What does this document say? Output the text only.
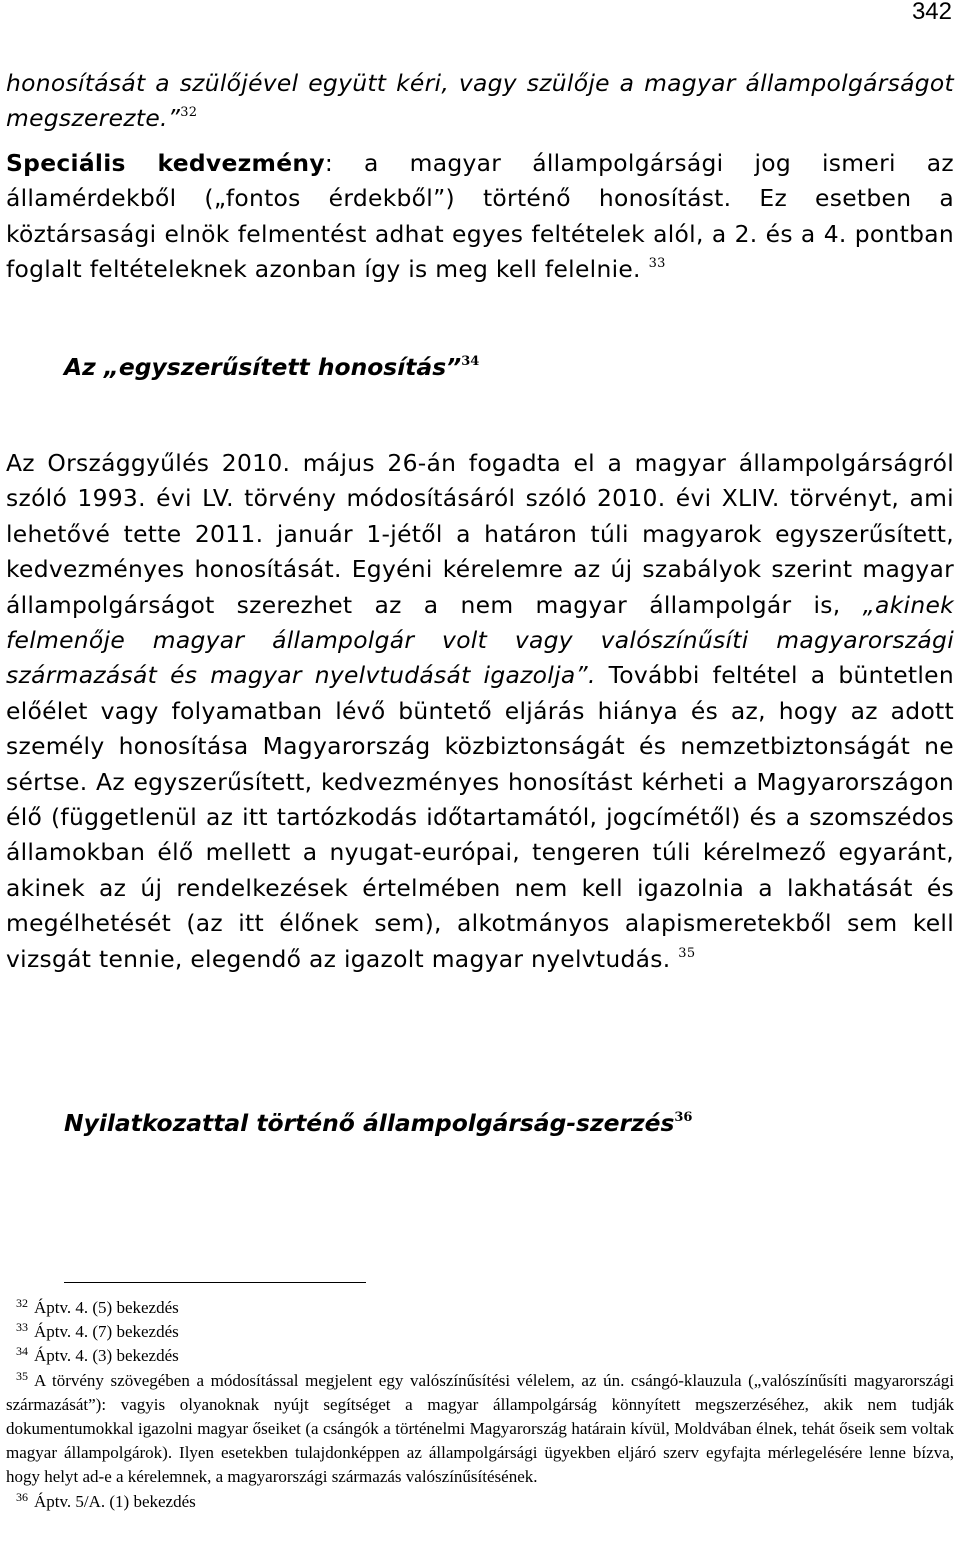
342
honosítását a szülőjével együtt kéri, vagy szülője a magyar állampolgárságot megszerezte.”$^{32}$
Speciális kedvezmény: a magyar állampolgársági jog ismeri az államérdekből („fontos érdekből”) történő honosítást. Ez esetben a köztársasági elnök felmentést adhat egyes feltételek alól, a 2. és a 4. pontban foglalt feltételeknek azonban így is meg kell felelnie. $^{33}$
Az „egyszerűsített honosítás”$^{34}$
Az Országgyűlés 2010. május 26-án fogadta el a magyar állampolgárságról szóló 1993. évi LV. törvény módosításáról szóló 2010. évi XLIV. törvényt, ami lehetővé tette 2011. január 1-jétől a határon túli magyarok egyszerűsített, kedvezményes honosítását. Egyéni kérelemre az új szabályok szerint magyar állampolgárságot szerezhet az a nem magyar állampolgár is, „akinek felmenője magyar állampolgár volt vagy valószínűsíti magyarországi származását és magyar nyelvtudását igazolja”. További feltétel a büntetlen előélet vagy folyamatban lévő büntető eljárás hiánya és az, hogy az adott személy honosítása Magyarország közbiztonságát és nemzetbiztonságát ne sértse. Az egyszerűsített, kedvezményes honosítást kérheti a Magyarországon élő (függetlenül az itt tartózkodás időtartamától, jogcímétől) és a szomszédos államokban élő mellett a nyugat-európai, tengeren túli kérelmező egyaránt, akinek az új rendelkezések értelmében nem kell igazolnia a lakhatását és megélhetését (az itt élőnek sem), alkotmányos alapismeretekből sem kell vizsgát tennie, elegendő az igazolt magyar nyelvtudás. $^{35}$
Nyilatkozattal történő állampolgárság-szerzés$^{36}$
32 Áptv. 4. (5) bekezdés
33 Áptv. 4. (7) bekezdés
34 Áptv. 4. (3) bekezdés
35 A törvény szövegében a módosítással megjelent egy valószínűsítési vélelem, az ún. csángó-klauzula („valószínűsíti magyarországi származását”): vagyis olyanoknak nyújt segítséget a magyar állampolgárság könnyített megszerzéséhez, akik nem tudják dokumentumokkal igazolni magyar őseiket (a csángók a történelmi Magyarország határain kívül, Moldvában élnek, tehát őseik sem voltak magyar állampolgárok). Ilyen esetekben tulajdonképpen az állampolgársági ügyekben eljáró szerv egyfajta mérlegelésére lenne bízva, hogy helyt ad-e a kérelemnek, a magyarországi származás valószínűsítésének.
36 Áptv. 5/A. (1) bekezdés
